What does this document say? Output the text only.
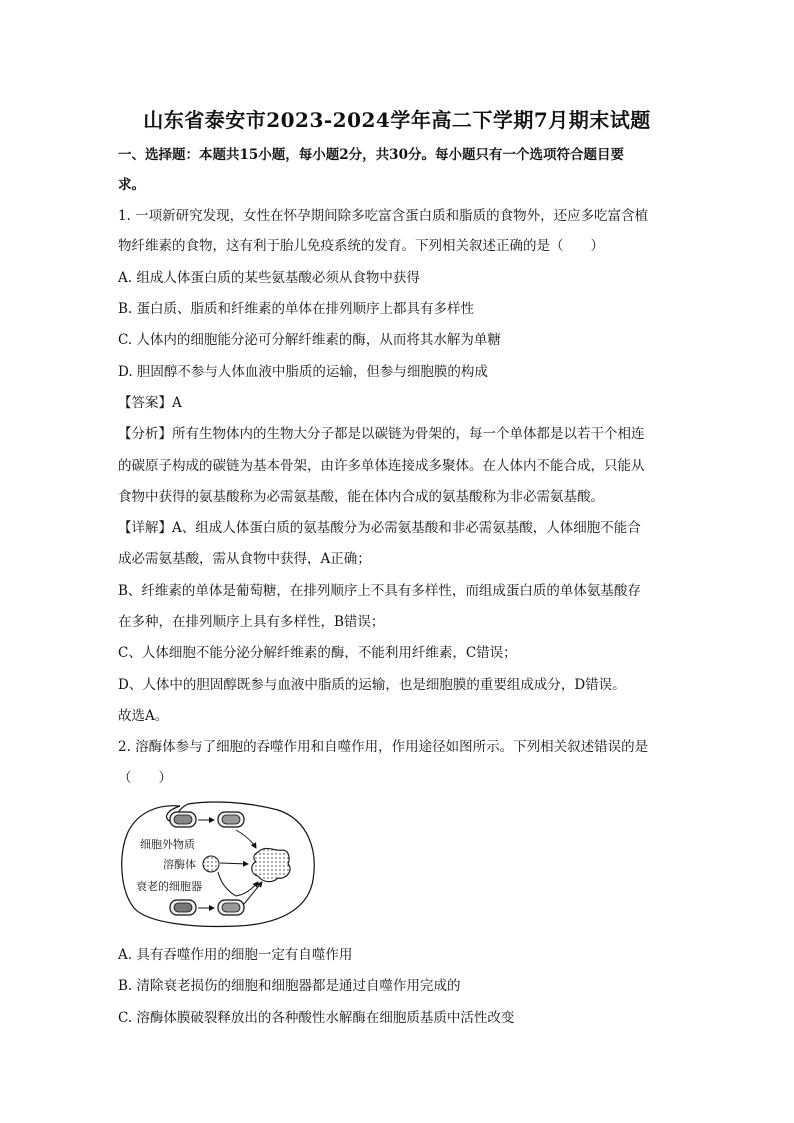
山东省泰安市2023-2024学年高二下学期7月期末试题
一、选择题：本题共15小题，每小题2分，共30分。每小题只有一个选项符合题目要
求。
1. 一项新研究发现，女性在怀孕期间除多吃富含蛋白质和脂质的食物外，还应多吃富含植
物纤维素的食物，这有利于胎儿免疫系统的发育。下列相关叙述正确的是（　　）
A. 组成人体蛋白质的某些氨基酸必须从食物中获得
B. 蛋白质、脂质和纤维素的单体在排列顺序上都具有多样性
C. 人体内的细胞能分泌可分解纤维素的酶，从而将其水解为单糖
D. 胆固醇不参与人体血液中脂质的运输，但参与细胞膜的构成
【答案】A
【分析】所有生物体内的生物大分子都是以碳链为骨架的，每一个单体都是以若干个相连
的碳原子构成的碳链为基本骨架，由许多单体连接成多聚体。在人体内不能合成，只能从
食物中获得的氨基酸称为必需氨基酸，能在体内合成的氨基酸称为非必需氨基酸。
【详解】A、组成人体蛋白质的氨基酸分为必需氨基酸和非必需氨基酸，人体细胞不能合
成必需氨基酸，需从食物中获得，A正确；
B、纤维素的单体是葡萄糖，在排列顺序上不具有多样性，而组成蛋白质的单体氨基酸存
在多种，在排列顺序上具有多样性，B错误；
C、人体细胞不能分泌分解纤维素的酶，不能利用纤维素，C错误；
D、人体中的胆固醇既参与血液中脂质的运输，也是细胞膜的重要组成成分，D错误。
故选A。
2. 溶酶体参与了细胞的吞噬作用和自噬作用，作用途径如图所示。下列相关叙述错误的是
（　　）
细胞外物质
溶酶体
衰老的细胞器
A. 具有吞噬作用的细胞一定有自噬作用
B. 清除衰老损伤的细胞和细胞器都是通过自噬作用完成的
C. 溶酶体膜破裂释放出的各种酸性水解酶在细胞质基质中活性改变
